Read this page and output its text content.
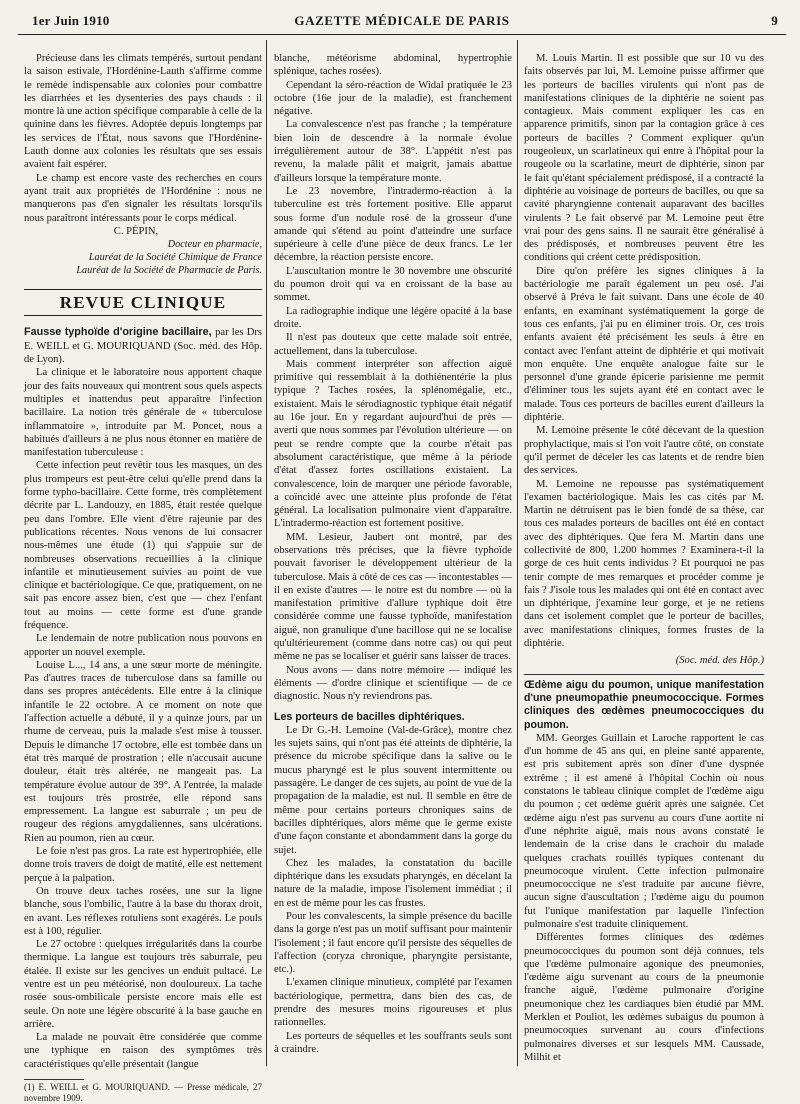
1er Juin 1910	GAZETTE MÉDICALE DE PARIS	9

Précieuse dans les climats tempérés, surtout pendant la saison estivale, l'Hordénine-Lauth s'affirme comme le remède indispensable aux colonies pour combattre les diarrhées et les dysenteries des pays chauds : il montre là une action spécifique comparable à celle de la quinine dans les fièvres. Adoptée depuis longtemps par les services de l'État, nous savons que l'Hordénine-Lauth donne aux colonies les résultats que ses essais avaient fait espérer.

Le champ est encore vaste des recherches en cours ayant trait aux propriétés de l'Hordénine : nous ne manquerons pas d'en signaler les résultats lorsqu'ils nous paraîtront intéressants pour le corps médical.

C. PÉPIN,

Docteur en pharmacie,

Lauréat de la Société Chimique de France

Lauréat de la Société de Pharmacie de Paris.

REVUE CLINIQUE

Fausse typhoïde d'origine bacillaire, par les Drs E. WEILL et G. MOURIQUAND (Soc. méd. des Hôp. de Lyon).

La clinique et le laboratoire nous apportent chaque jour des faits nouveaux qui montrent sous quels aspects multiples et inattendus peut apparaître l'infection bacillaire. La notion très générale de « tuberculose inflammatoire », introduite par M. Poncet, nous a habitués d'ailleurs à ne plus nous étonner en matière de manifestation tuberculeuse :

Cette infection peut revêtir tous les masques, un des plus trompeurs est peut-être celui qu'elle prend dans la forme typho-bacillaire. Cette forme, très complètement décrite par L. Landouzy, en 1885, était restée quelque peu dans l'ombre. Elle vient d'être rajeunie par des publications récentes. Nous venons de lui consacrer nous-mêmes une étude (1) qui s'appuie sur de nombreuses observations recueillies à la clinique infantile et minutieusement suivies au point de vue clinique et bactériologique. Ce que, pratiquement, on ne sait pas encore assez bien, c'est que — chez l'enfant tout au moins — cette forme est d'une grande fréquence.

Le lendemain de notre publication nous pouvons en apporter un nouvel exemple.

Louise L..., 14 ans, a une sœur morte de méningite. Pas d'autres traces de tuberculose dans sa famille ou dans ses propres antécédents. Elle entre à la clinique infantile le 22 octobre. A ce moment on note que l'affection actuelle a débuté, il y a quinze jours, par un rhume de cerveau, puis la malade s'est mise à tousser. Depuis le dimanche 17 octobre, elle est tombée dans un état très marqué de prostration ; elle n'accusait aucune douleur, était très altérée, ne mangeait pas. La température évolue autour de 39°. A l'entrée, la malade est toujours très prostrée, elle répond sans empressement. La langue est saburrale ; un peu de rougeur des régions amygdaliennes, sans ulcérations. Rien au poumon, rien au cœur.

Le foie n'est pas gros. La rate est hypertrophiée, elle donne trois travers de doigt de matité, elle est nettement perçue à la palpation.

On trouve deux taches rosées, une sur la ligne blanche, sous l'ombilic, l'autre à la base du thorax droit, en avant. Les réflexes rotuliens sont exagérés. Le pouls est à 100, régulier.

Le 27 octobre : quelques irrégularités dans la courbe thermique. La langue est toujours très saburrale, peu étalée. Il existe sur les gencives un enduit pultacé. Le ventre est un peu météorisé, non douloureux. La tache rosée sous-ombilicale persiste encore mais elle est seule. On note une légère obscurité à la base gauche en arrière.

La malade ne pouvait être considérée que comme une typhique en raison des symptômes très caractéristiques qu'elle présentait (langue

(1) E. WEILL et G. MOURIQUAND. — Presse médicale, 27 novembre 1909.

blanche, météorisme abdominal, hypertrophie splénique, taches rosées).

Cependant la séro-réaction de Widal pratiquée le 23 octobre (16e jour de la maladie), est franchement négative.

La convalescence n'est pas franche ; la température bien loin de descendre à la normale évolue irrégulièrement autour de 38°. L'appétit n'est pas revenu, la malade pâlit et maigrit, jamais abattue d'ailleurs lorsque la température monte.

Le 23 novembre, l'intradermo-réaction à la tuberculine est très fortement positive. Elle apparut sous forme d'un nodule rosé de la grosseur d'une amande qui s'étend au point d'atteindre une surface supérieure à celle d'une pièce de deux francs. Le 1er décembre, la réaction persiste encore.

L'auscultation montre le 30 novembre une obscurité du poumon droit qui va en croissant de la base au sommet.

La radiographie indique une légère opacité à la base droite.

Il n'est pas douteux que cette malade soit entrée, actuellement, dans la tuberculose.

Mais comment interpréter son affection aiguë primitive qui ressemblait à la dothiénentérie la plus typique ? Taches rosées, la splénomégalie, etc., existaient. Mais le sérodiagnostic typhique était négatif au 16e jour. En y regardant aujourd'hui de près — averti que nous sommes par l'évolution ultérieure — on peut se rendre compte que la courbe n'était pas absolument caractéristique, que même à la période d'état d'assez fortes oscillations existaient. La convalescence, loin de marquer une période favorable, a coïncidé avec une atteinte plus profonde de l'état général. La localisation pulmonaire vient d'apparaître. L'intradermo-réaction est fortement positive.

MM. Lesieur, Jaubert ont montré, par des observations très précises, que la fièvre typhoïde pouvait favoriser le développement ultérieur de la tuberculose. Mais à côté de ces cas — incontestables — il en existe d'autres — le notre est du nombre — où la manifestation primitive d'allure typhique doit être considérée comme une fausse typhoïde, manifestation aiguë, non granulique d'une bacillose qui ne se localise qu'ultérieurement (comme dans notre cas) ou qui peut même ne pas se localiser et guérir sans laisser de traces.

Nous avons — dans notre mémoire — indiqué les éléments — d'ordre clinique et scientifique — de ce diagnostic. Nous n'y reviendrons pas.

Les porteurs de bacilles diphtériques.

Le Dr G.-H. Lemoine (Val-de-Grâce), montre chez les sujets sains, qui n'ont pas été atteints de diphtérie, la présence du microbe spécifique dans la salive ou le mucus pharyngé est le plus souvent intermittente ou passagère. Le danger de ces sujets, au point de vue de la propagation de la maladie, est nul. Il semble en être de même pour certains porteurs chroniques sains de bacilles diphtériques, alors même que le germe existe d'une façon constante et abondamment dans la gorge du sujet.

Chez les malades, la constatation du bacille diphtérique dans les exsudats pharyngés, en décelant la nature de la maladie, impose l'isolement immédiat ; il en est de même pour les cas frustes.

Pour les convalescents, la simple présence du bacille dans la gorge n'est pas un motif suffisant pour maintenir l'isolement ; il faut encore qu'il persiste des séquelles de l'affection (coryza chronique, pharyngite persistante, etc.).

L'examen clinique minutieux, complété par l'examen bactériologique, permettra, dans bien des cas, de prendre des mesures moins rigoureuses et plus rationnelles.

Les porteurs de séquelles et les souffrants seuls sont à craindre.

M. Louis Martin. Il est possible que sur 10 vu des faits observés par lui, M. Lemoine puisse affirmer que les porteurs de bacilles virulents qui n'ont pas de manifestations cliniques de la diphtérie ne soient pas contagieux. Mais comment expliquer les cas en apparence primitifs, sinon par la contagion grâce à ces porteurs de bacilles ? Comment expliquer qu'un rougeoleux, un scarlatineux qui entre à l'hôpital pour la rougeole ou la scarlatine, meurt de diphtérie, sinon par le fait qu'étant spécialement prédisposé, il a contracté la diphtérie au voisinage de porteurs de bacilles, ou que sa cavité pharyngienne contenait auparavant des bacilles virulents ? Le fait observé par M. Lemoine peut être vrai pour des gens sains. Il ne saurait être généralisé à des prédisposés, et nombreuses peuvent être les conditions qui créent cette prédisposition.

Dire qu'on préfère les signes cliniques à la bactériologie me paraît également un peu osé. J'ai observé à Préva le fait suivant. Dans une école de 40 enfants, en examinant systématiquement la gorge de tous ces enfants, j'ai pu en éliminer trois. Or, ces trois enfants avaient été précisément les seuls à être en contact avec l'enfant atteint de diphtérie et qui motivait mon enquête. Une enquête analogue faite sur le personnel d'une grande épicerie parisienne me permit d'éliminer tous les sujets ayant été en contact avec le malade. Tous ces porteurs de bacilles eurent d'ailleurs la diphtérie.

M. Lemoine présente le côté décevant de la question prophylactique, mais si l'on voit l'autre côté, on constate qu'il permet de déceler les cas latents et de rendre bien des services.

M. Lemoine ne repousse pas systématiquement l'examen bactériologique. Mais les cas cités par M. Martin ne détruisent pas le bien fondé de sa thèse, car tous ces malades porteurs de bacilles ont été en contact avec des diphtériques. Que fera M. Martin dans une collectivité de 800, 1.200 hommes ? Examinera-t-il la gorge de ces huit cents individus ? Et pourquoi ne pas tenir compte de mes remarques et procéder comme je fais ? J'isole tous les malades qui ont été en contact avec un diphtérique, j'examine leur gorge, et je ne retiens dans cet isolement complet que le porteur de bacilles, avec manifestations cliniques, formes frustes de la diphtérie.

(Soc. méd. des Hôp.)

Œdème aigu du poumon, unique manifestation d'une pneumopathie pneumococcique. Formes cliniques des œdèmes pneumococciques du poumon.

MM. Georges Guillain et Laroche rapportent le cas d'un homme de 45 ans qui, en pleine santé apparente, est pris subitement après son dîner d'une dyspnée extrême ; il est amené à l'hôpital Cochin où nous constatons le tableau clinique complet de l'œdème aigu du poumon ; cet œdème guérit après une saignée. Cet œdème aigu n'est pas survenu au cours d'une aortite ni d'une néphrite aiguë, mais nous avons constaté le lendemain de la crise dans le crachoir du malade quelques crachats rouillés typiques contenant du pneumocoque virulent. Cette infection pulmonaire pneumococcique ne s'est traduite par aucune fièvre, aucun signe d'auscultation ; l'œdème aigu du poumon fut l'unique manifestation par laquelle l'infection pulmonaire s'est traduite cliniquement.

Différentes formes cliniques des œdèmes pneumococciques du poumon sont déjà connues, tels que l'œdème pulmonaire agonique des pneumonies, l'œdème aigu survenant au cours de la pneumonie franche aiguë, l'œdème pulmonaire d'origine pneumonique chez les cardiaques bien étudié par MM. Merklen et Pouliot, les œdèmes subaigus du poumon à pneumocoques survenant au cours d'infections pulmonaires diverses et sur lesquels MM. Caussade, Milhit et
